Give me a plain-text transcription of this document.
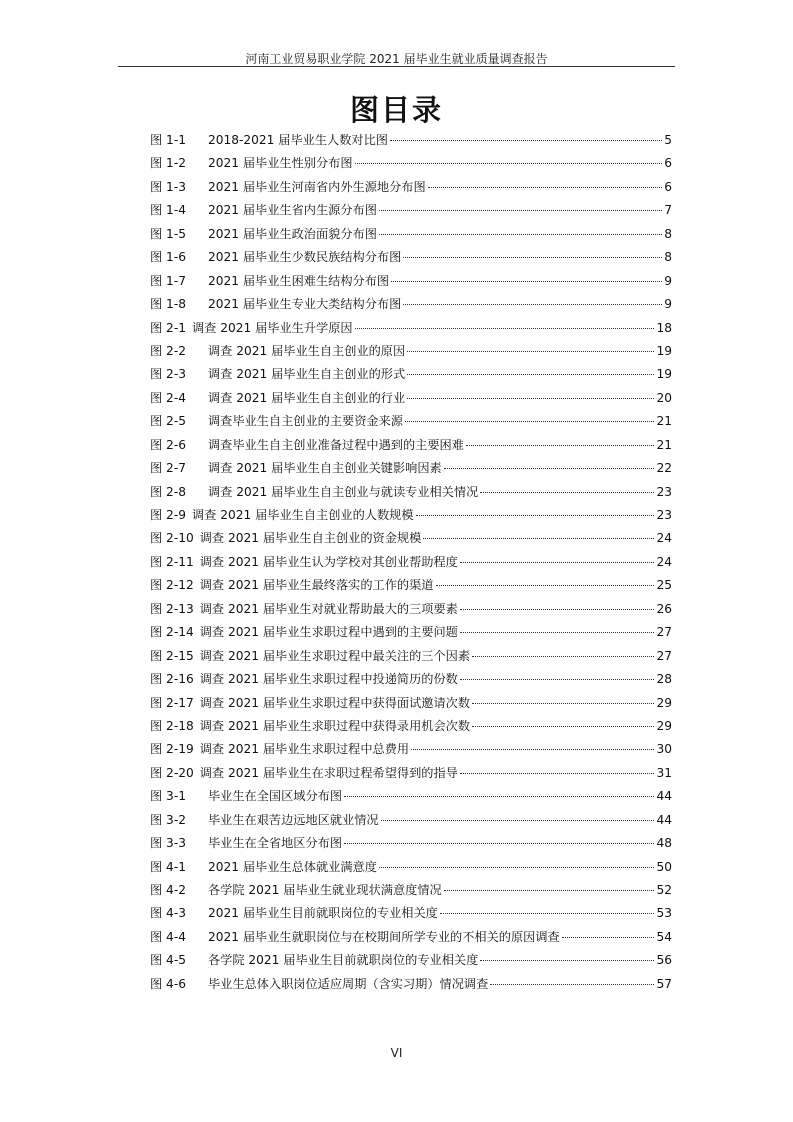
河南工业贸易职业学院 2021 届毕业生就业质量调查报告
图目录
图 1-1 2018-2021 届毕业生人数对比图	5
图 1-2 2021 届毕业生性别分布图	6
图 1-3 2021 届毕业生河南省内外生源地分布图	6
图 1-4 2021 届毕业生省内生源分布图	7
图 1-5 2021 届毕业生政治面貌分布图	8
图 1-6 2021 届毕业生少数民族结构分布图	8
图 1-7 2021 届毕业生困难生结构分布图	9
图 1-8 2021 届毕业生专业大类结构分布图	9
图 2-1 调查 2021 届毕业生升学原因	18
图 2-2 调查 2021 届毕业生自主创业的原因	19
图 2-3 调查 2021 届毕业生自主创业的形式	19
图 2-4 调查 2021 届毕业生自主创业的行业	20
图 2-5 调查毕业生自主创业的主要资金来源	21
图 2-6 调查毕业生自主创业准备过程中遇到的主要困难	21
图 2-7 调查 2021 届毕业生自主创业关键影响因素	22
图 2-8 调查 2021 届毕业生自主创业与就读专业相关情况	23
图 2-9 调查 2021 届毕业生自主创业的人数规模	23
图 2-10 调查 2021 届毕业生自主创业的资金规模	24
图 2-11 调查 2021 届毕业生认为学校对其创业帮助程度	24
图 2-12 调查 2021 届毕业生最终落实的工作的渠道	25
图 2-13 调查 2021 届毕业生对就业帮助最大的三项要素	26
图 2-14 调查 2021 届毕业生求职过程中遇到的主要问题	27
图 2-15 调查 2021 届毕业生求职过程中最关注的三个因素	27
图 2-16 调查 2021 届毕业生求职过程中投递简历的份数	28
图 2-17 调查 2021 届毕业生求职过程中获得面试邀请次数	29
图 2-18 调查 2021 届毕业生求职过程中获得录用机会次数	29
图 2-19 调查 2021 届毕业生求职过程中总费用	30
图 2-20 调查 2021 届毕业生在求职过程希望得到的指导	31
图 3-1 毕业生在全国区域分布图	44
图 3-2 毕业生在艰苦边远地区就业情况	44
图 3-3 毕业生在全省地区分布图	48
图 4-1 2021 届毕业生总体就业满意度	50
图 4-2 各学院 2021 届毕业生就业现状满意度情况	52
图 4-3 2021 届毕业生目前就职岗位的专业相关度	53
图 4-4 2021 届毕业生就职岗位与在校期间所学专业的不相关的原因调查	54
图 4-5 各学院 2021 届毕业生目前就职岗位的专业相关度	56
图 4-6 毕业生总体入职岗位适应周期（含实习期）情况调查	57
VI
